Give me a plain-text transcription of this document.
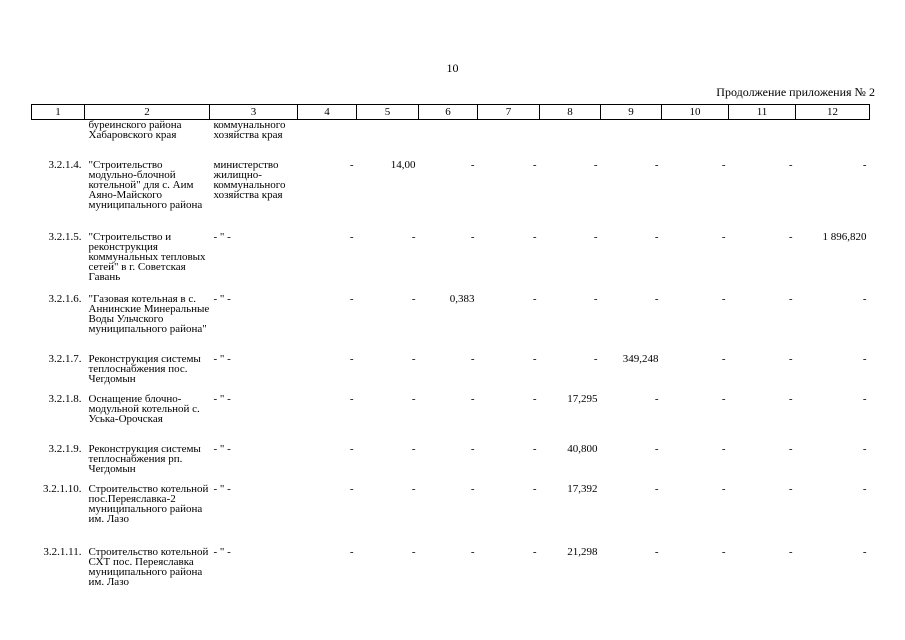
10
Продолжение приложения № 2
1	2	3	4	5	6	7	8	9	10	11	12
	буреинского района Хабаровского края	коммунального хозяйства края									
3.2.1.4.	"Строительство модульно-блочной котельной" для с. Аим Аяно-Майского муниципального района	министерство жилищно-коммунального хозяйства края	-	14,00	-	-	-	-	-	-	-
3.2.1.5.	"Строительство и реконструкция коммунальных тепловых сетей" в г. Советская Гавань	- " -	-	-	-	-	-	-	-	-	1 896,820
3.2.1.6.	"Газовая котельная в с. Аннинские Минеральные Воды Ульчского муниципального района"	- " -	-	-	0,383	-	-	-	-	-	-
3.2.1.7.	Реконструкция системы теплоснабжения пос. Чегдомын	- " -	-	-	-	-	-	349,248	-	-	-
3.2.1.8.	Оснащение блочно-модульной котельной с. Уська-Орочская	- " -	-	-	-	-	17,295	-	-	-	-
3.2.1.9.	Реконструкция системы теплоснабжения рп. Чегдомын	- " -	-	-	-	-	40,800	-	-	-	-
3.2.1.10.	Строительство котельной пос.Переяславка-2 муниципального района им. Лазо	- " -	-	-	-	-	17,392	-	-	-	-
3.2.1.11.	Строительство котельной СХТ пос. Переяславка муниципального района им. Лазо	- " -	-	-	-	-	21,298	-	-	-	-
